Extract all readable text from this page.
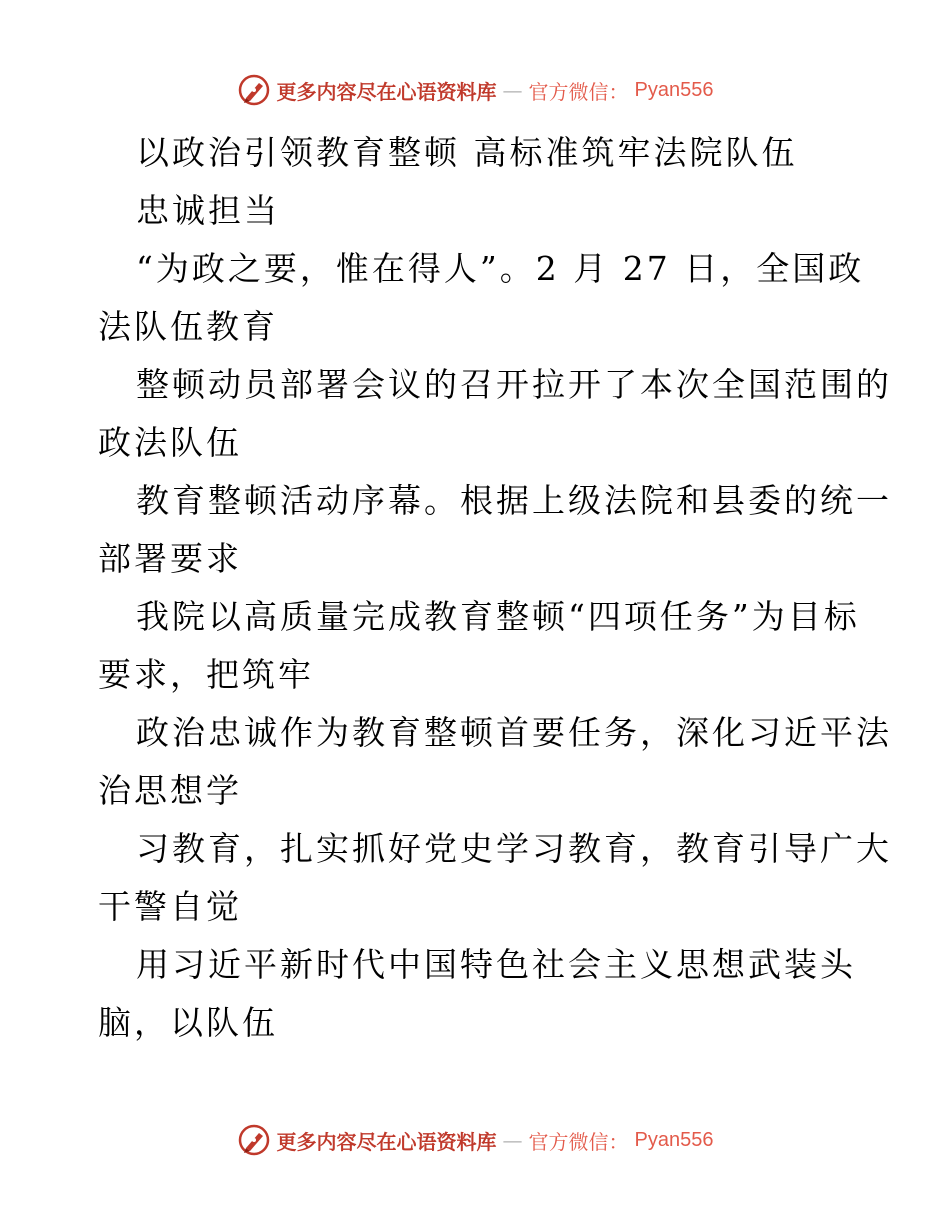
更多内容尽在心语资料库 — 官方微信： Pyan556
以政治引领教育整顿 高标准筑牢法院队伍
忠诚担当
“为政之要，惟在得人”。2 月 27 日，全国政
法队伍教育
整顿动员部署会议的召开拉开了本次全国范围的
政法队伍
教育整顿活动序幕。根据上级法院和县委的统一
部署要求
我院以高质量完成教育整顿“四项任务”为目标
要求，把筑牢
政治忠诚作为教育整顿首要任务，深化习近平法
治思想学
习教育，扎实抓好党史学习教育，教育引导广大
干警自觉
用习近平新时代中国特色社会主义思想武装头
脑，以队伍
更多内容尽在心语资料库 — 官方微信： Pyan556
